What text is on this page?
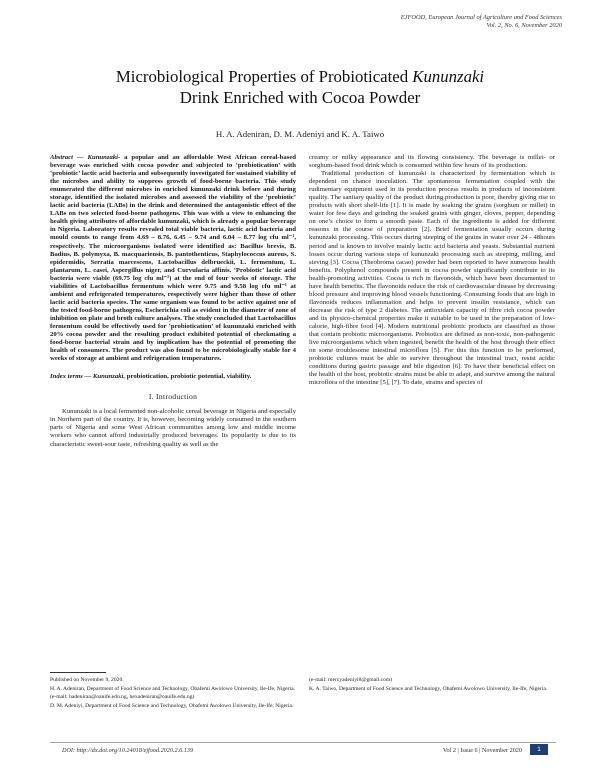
EJFOOD, European Journal of Agriculture and Food Sciences
Vol. 2, No. 6, November 2020
Microbiological Properties of Probioticated Kununzaki
Drink Enriched with Cocoa Powder
H. A. Adeniran, D. M. Adeniyi and K. A. Taiwo

Abstract — Kununzaki- a popular and an affordable West African cereal-based beverage was enriched with cocoa powder and subjected to ‘probiotication’ with ‘probiotic’ lactic acid bacteria and subsequently investigated for sustained viability of the microbes and ability to suppress growth of food-borne bacteria. This study enumerated the different microbes in enriched kununzaki drink before and during storage, identified the isolated microbes and assessed the viability of the ‘probiotic’ lactic acid bacteria (LABs) in the drink and determined the antagonistic effect of the LABs on two selected food-borne pathogens. This was with a view to enhancing the health giving attributes of affordable kununzaki, which is already a popular beverage in Nigeria. Laboratory results revealed total viable bacteria, lactic acid bacteria and mould counts to range from 4.69 – 8.76, 6.45 – 9.74 and 6.04 – 8.77 log cfu ml⁻¹, respectively. The microorganisms isolated were identified as: Bacillus brevis, B. Badius, B. polymyxa, B. macquariensis, B. pantothenticus, Staphylococcus aureus, S. epidermidis, Serratia marcescens, Lactobacillus delbrueckii, L. fermentum, L. plantarum, L. casei, Aspergillus niger, and Curvularia affinis. ‘Probiotic’ lactic acid bacteria were viable (69.75 log cfu ml⁻¹) at the end of four weeks of storage. The viabilities of Lactobacillus fermentum which were 9.75 and 9.58 log cfu ml⁻¹ at ambient and refrigerated temperatures, respectively were higher than those of other lactic acid bacteria species. The same organism was found to be active against one of the tested food-borne pathogens, Escherichia coli as evident in the diameter of zone of inhibition on plate and broth culture analyses. The study concluded that Lactobacillus fermentum could be effectively used for ‘probiotication’ of kununzaki enriched with 20% cocoa powder and the resulting product exhibited potential of checkmating a food-borne bacterial strain and by implication has the potential of promoting the health of consumers. The product was also found to be microbiologically stable for 4 weeks of storage at ambient and refrigeration temperatures.

Index terms — Kununzaki, probiotication, probiotic potential, viability.

I. Introduction

Kununzaki is a local fermented non-alcoholic cereal beverage in Nigeria and especially in Northern part of the country. It is, however, becoming widely consumed in the southern parts of Nigeria and some West African communities among low and middle income workers who cannot afford industrially produced beverages. Its popularity is due to its characteristic sweet-sour taste, refreshing quality as well as the

creamy or milky appearance and its flowing consistency. The beverage is millet- or sorghum-based food drink which is consumed within few hours of its production.

Traditional production of kununzaki is characterized by fermentation which is dependent on chance inoculation. The spontaneous fermentation coupled with the rudimentary equipment used in its production process results in products of inconsistent quality. The sanitary quality of the product during production is poor, thereby giving rise to products with short shelf-life [1]. It is made by soaking the grains (sorghum or millet) in water for few days and grinding the soaked grains with ginger, cloves, pepper, depending on one’s choice to form a smooth paste. Each of the ingredients is added for different reasons in the course of preparation [2]. Brief fermentation usually occurs during kununzaki processing. This occurs during steeping of the grains in water over 24 - 48hours period and is known to involve mainly lactic acid bacteria and yeasts. Substantial nutrient losses occur during various steps of kununzaki processing such as steeping, milling, and sieving [3]. Cocoa (Theobroma cacao) powder had been reported to have numerous health benefits. Polyphenol compounds present in cocoa powder significantly contribute to its health-promoting activities. Cocoa is rich in flavonoids, which have been documented to have health benefits. The flavonoids reduce the risk of cardiovascular disease by decreasing blood pressure and improving blood vessels functioning. Consuming foods that are high in flavonoids reduces inflammation and helps to prevent insulin resistance, which can decrease the risk of type 2 diabetes. The antioxidant capacity of fibre rich cocoa powder and its physico-chemical properties make it suitable to be used in the preparation of low-calorie, high-fibre food [4]. Modern nutritional probiotic products are classified as those that contain probiotic microorganisms. Probiotics are defined as non-toxic, non-pathogenic live microorganisms which when ingested, benefit the health of the host through their effect on some troublesome intestinal microflora [5]. For this this function to be performed, probiotic cultures must be able to survive throughout the intestinal tract, resist acidic conditions during gastric passage and bile digestion [6]. To have their beneficial effect on the health of the host, probiotic strains must be able to adapt, and survive among the natural microflora of the intestine [5], [7]. To date, strains and species of

Published on November 9, 2020.

H. A. Adeniran, Department of Food Science and Technology, Obafemi Awolowo University, Ile-Ife, Nigeria.

(e-mail: hadeniran@oauife.edu.ng, hexadeniran@oauife.edu.ng)

D. M. Adeniyi, Department of Food Science and Technology, Obafemi Awolowo University, Ile-Ife, Nigeria.

(e-mail: mercyadeniyi8@gmail.com)

K. A. Taiwo, Department of Food Science and Technology, Obafemi Awolowo University, Ile-Ife, Nigeria.

DOI: http://dx.doi.org/10.24018/ejfood.2020.2.6.139	Vol 2 | Issue 6 | November 2020	1
